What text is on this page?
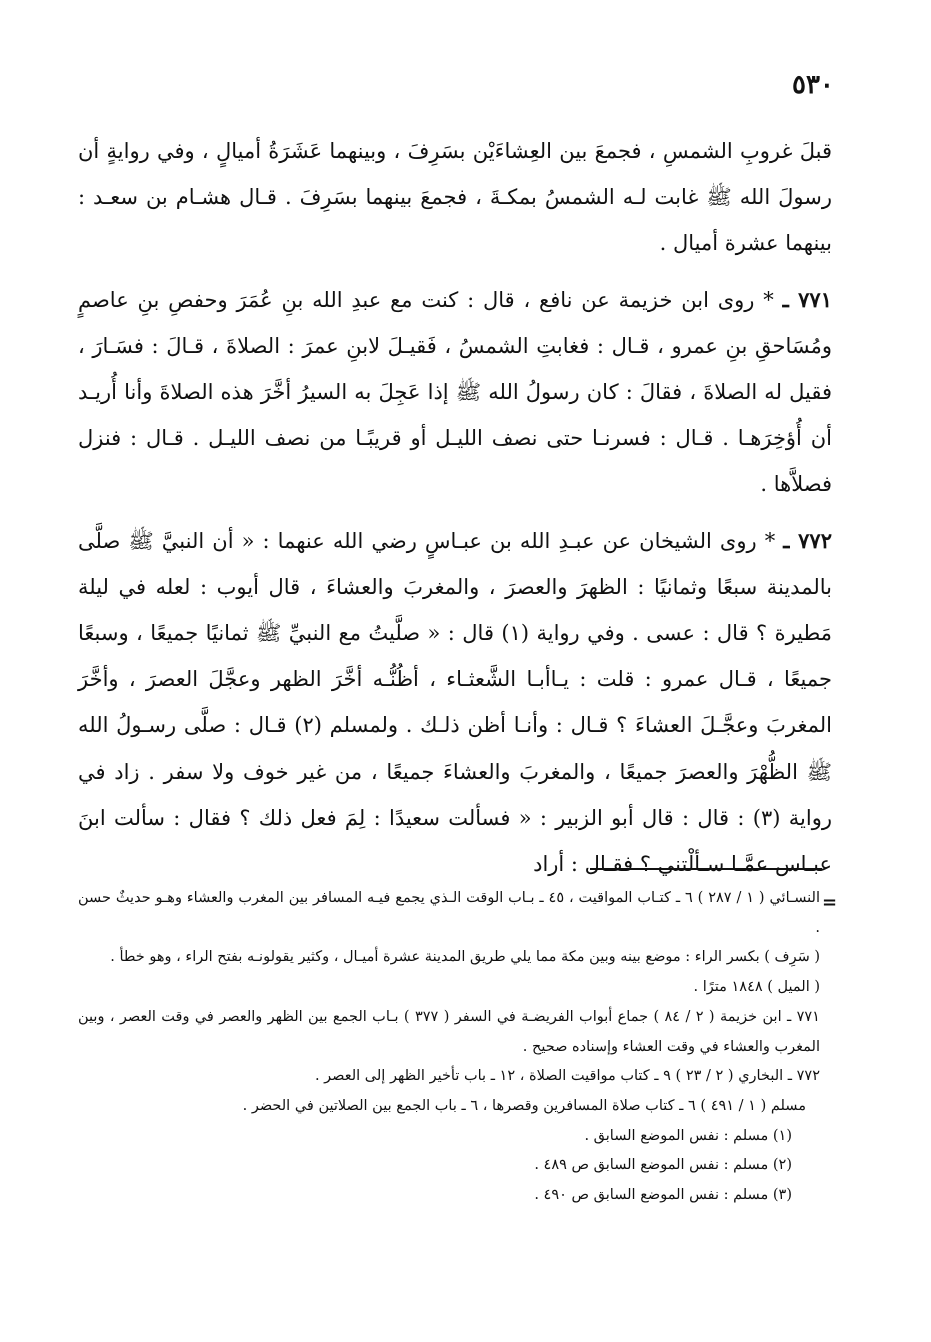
٥٣٠

قبلَ غروبِ الشمسِ ، فجمعَ بين العِشاءَيْن بسَرِفَ ، وبينهما عَشَرَةُ أميالٍ ، وفي روايةٍ أن رسولَ الله ﷺ غابت لـه الشمسُ بمكـةَ ، فجمعَ بينهما بسَرِفَ . قـال هشـام بن سعـد : بينهما عشرة أميال .

٧٧١ ـ * روى ابن خزيمة عن نافع ، قال : كنت مع عبدِ الله بنِ عُمَرَ وحفصِ بنِ عاصمٍ ومُسَاحقِ بنِ عمرو ، قـال : فغابتِ الشمسُ ، فَقيـلَ لابنِ عمرَ : الصلاةَ ، قـالَ : فسَـارَ ، فقيل له الصلاةَ ، فقالَ : كان رسولُ الله ﷺ إذا عَجِلَ به السيرُ أخَّرَ هذه الصلاةَ وأنا أُريـد أن أُؤخِرَهـا . قـال : فسرنـا حتى نصف الليـل أو قريبًـا من نصف الليـل . قـال : فنزل فصلاَّها .

٧٧٢ ـ * روى الشيخان عن عبـدِ الله بن عبـاسٍ رضي الله عنهما : « أن النبيَّ ﷺ صلَّى بالمدينة سبعًا وثمانيًا : الظهرَ والعصرَ ، والمغربَ والعشاءَ ، قال أيوب : لعله في ليلة مَطيرة ؟ قال : عسى . وفي رواية (١) قال : « صلَّيتُ مع النبيِّ ﷺ ثمانيًا جميعًا ، وسبعًا جميعًا ، قـال عمرو : قلت : يـاأبـا الشَّعثـاء ، أظُنُّـه أخَّرَ الظهر وعجَّلَ العصرَ ، وأخَّرَ المغربَ وعجَّـلَ العشاءَ ؟ قـال : وأنـا أظن ذلـك . ولمسلم (٢) قـال : صلَّى رسـولُ الله ﷺ الظُّهْرَ والعصرَ جميعًا ، والمغربَ والعشاءَ جميعًا ، من غير خوف ولا سفر . زاد في رواية (٣) : قال : قال أبو الزبير : « فسألت سعيدًا : لِمَ فعل ذلك ؟ فقال : سألت ابنَ عبـاس عمَّـا سـألْتني ؟ فقـال : أراد

=

النسـائي ( ١ / ٢٨٧ ) ٦ ـ كتـاب المواقيت ، ٤٥ ـ بـاب الوقت الـذي يجمع فيـه المسافر بين المغرب والعشاء وهـو حديثٌ حسن .

( سَرِف ) بكسر الراء : موضع بينه وبين مكة مما يلي طريق المدينة عشرة أميـال ، وكثير يقولونـه بفتح الراء ، وهو خطأ .

( الميل ) ١٨٤٨ مترًا .

٧٧١ ـ ابن خزيمة ( ٢ / ٨٤ ) جماع أبواب الفريضـة في السفر ( ٣٧٧ ) بـاب الجمع بين الظهر والعصر في وقت العصر ، وبين المغرب والعشاء في وقت العشاء وإسناده صحيح .

٧٧٢ ـ البخاري ( ٢ / ٢٣ ) ٩ ـ كتاب مواقيت الصلاة ، ١٢ ـ باب تأخير الظهر إلى العصر .

مسلم ( ١ / ٤٩١ ) ٦ ـ كتاب صلاة المسافرين وقصرها ، ٦ ـ باب الجمع بين الصلاتين في الحضر .

(١) مسلم : نفس الموضع السابق .

(٢) مسلم : نفس الموضع السابق ص ٤٨٩ .

(٣) مسلم : نفس الموضع السابق ص ٤٩٠ .
